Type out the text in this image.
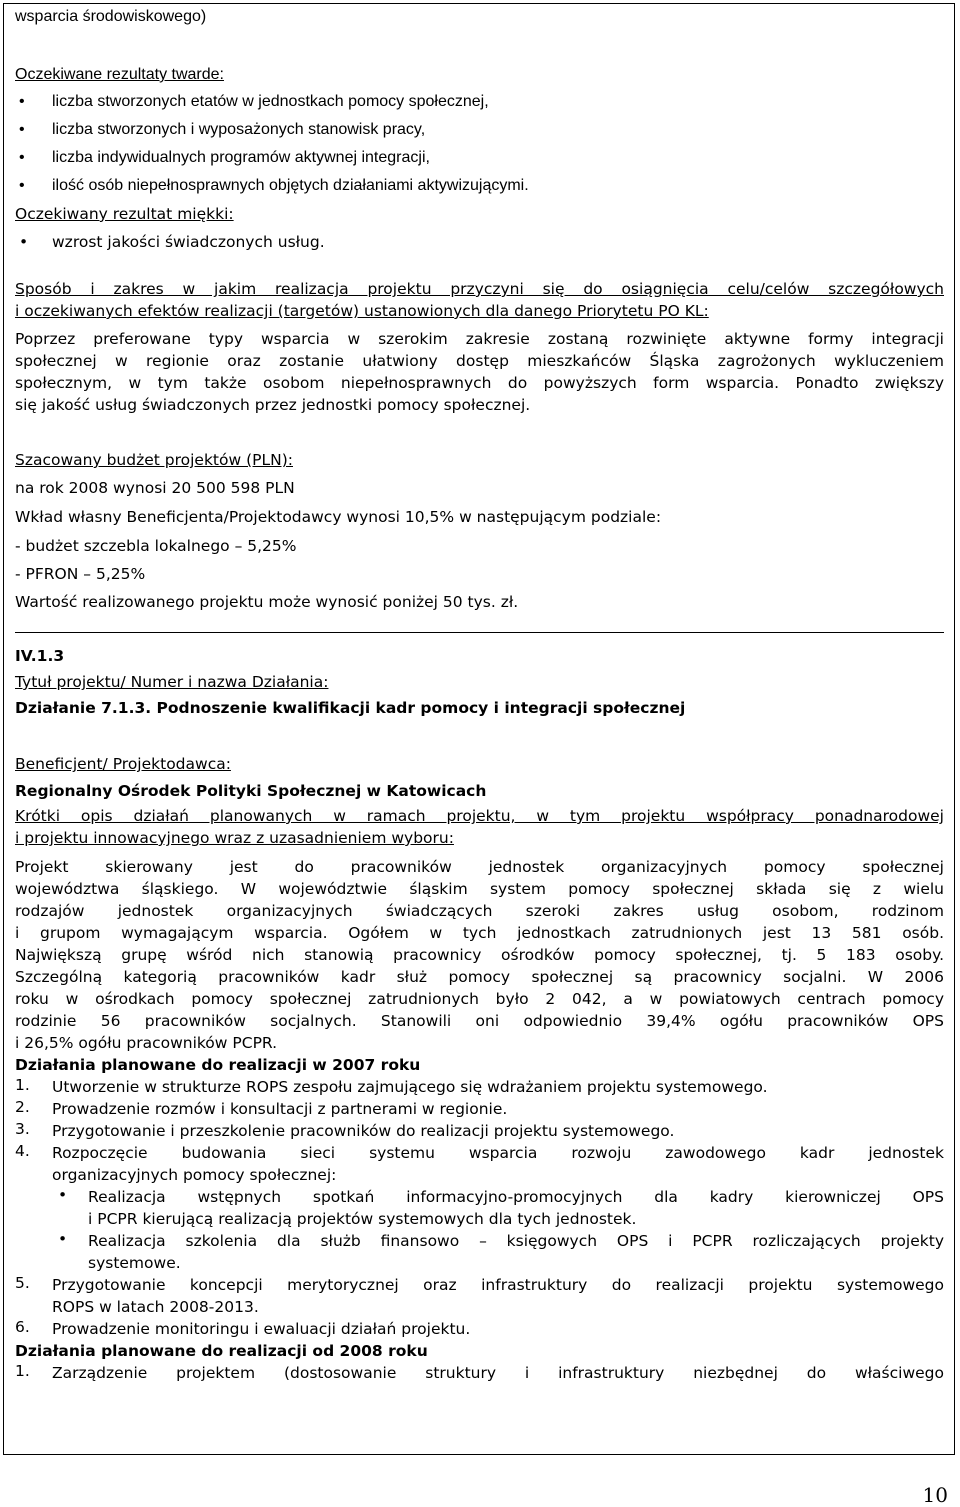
wsparcia środowiskowego)
Oczekiwane rezultaty twarde:
• liczba stworzonych etatów w jednostkach pomocy społecznej,
• liczba stworzonych i wyposażonych stanowisk pracy,
• liczba indywidualnych programów aktywnej integracji,
• ilość osób niepełnosprawnych objętych działaniami aktywizującymi.
Oczekiwany rezultat miękki:
• wzrost jakości świadczonych usług.
Sposób i zakres w jakim realizacja projektu przyczyni się do osiągnięcia celu/celów szczegółowych
i oczekiwanych efektów realizacji (targetów) ustanowionych dla danego Priorytetu PO KL:
Poprzez preferowane typy wsparcia w szerokim zakresie zostaną rozwinięte aktywne formy integracji
społecznej w regionie oraz zostanie ułatwiony dostęp mieszkańców Śląska zagrożonych wykluczeniem
społecznym, w tym także osobom niepełnosprawnych do powyższych form wsparcia. Ponadto zwiększy
się jakość usług świadczonych przez jednostki pomocy społecznej.
Szacowany budżet projektów (PLN):
na rok 2008 wynosi 20 500 598 PLN
Wkład własny Beneficjenta/Projektodawcy wynosi 10,5% w następującym podziale:
- budżet szczebla lokalnego – 5,25%
- PFRON – 5,25%
Wartość realizowanego projektu może wynosić poniżej 50 tys. zł.
IV.1.3
Tytuł projektu/ Numer i nazwa Działania:
Działanie 7.1.3. Podnoszenie kwalifikacji kadr pomocy i integracji społecznej
Beneficjent/ Projektodawca:
Regionalny Ośrodek Polityki Społecznej w Katowicach
Krótki opis działań planowanych w ramach projektu, w tym projektu współpracy ponadnarodowej
i projektu innowacyjnego wraz z uzasadnieniem wyboru:
Projekt skierowany jest do pracowników jednostek organizacyjnych pomocy społecznej
województwa śląskiego. W województwie śląskim system pomocy społecznej składa się z wielu
rodzajów jednostek organizacyjnych świadczących szeroki zakres usług osobom, rodzinom
i grupom wymagającym wsparcia. Ogółem w tych jednostkach zatrudnionych jest 13 581 osób.
Największą grupę wśród nich stanowią pracownicy ośrodków pomocy społecznej, tj. 5 183 osoby.
Szczególną kategorią pracowników kadr służ pomocy społecznej są pracownicy socjalni. W 2006
roku w ośrodkach pomocy społecznej zatrudnionych było 2 042, a w powiatowych centrach pomocy
rodzinie 56 pracowników socjalnych. Stanowili oni odpowiednio 39,4% ogółu pracowników OPS
i 26,5% ogółu pracowników PCPR.
Działania planowane do realizacji w 2007 roku
1. Utworzenie w strukturze ROPS zespołu zajmującego się wdrażaniem projektu systemowego.
2. Prowadzenie rozmów i konsultacji z partnerami w regionie.
3. Przygotowanie i przeszkolenie pracowników do realizacji projektu systemowego.
4. Rozpoczęcie budowania sieci systemu wsparcia rozwoju zawodowego kadr jednostek
organizacyjnych pomocy społecznej:
• Realizacja wstępnych spotkań informacyjno-promocyjnych dla kadry kierowniczej OPS
i PCPR kierującą realizacją projektów systemowych dla tych jednostek.
• Realizacja szkolenia dla służb finansowo – księgowych OPS i PCPR rozliczających projekty
systemowe.
5. Przygotowanie koncepcji merytorycznej oraz infrastruktury do realizacji projektu systemowego
ROPS w latach 2008-2013.
6. Prowadzenie monitoringu i ewaluacji działań projektu.
Działania planowane do realizacji od 2008 roku
1. Zarządzenie projektem (dostosowanie struktury i infrastruktury niezbędnej do właściwego
10
